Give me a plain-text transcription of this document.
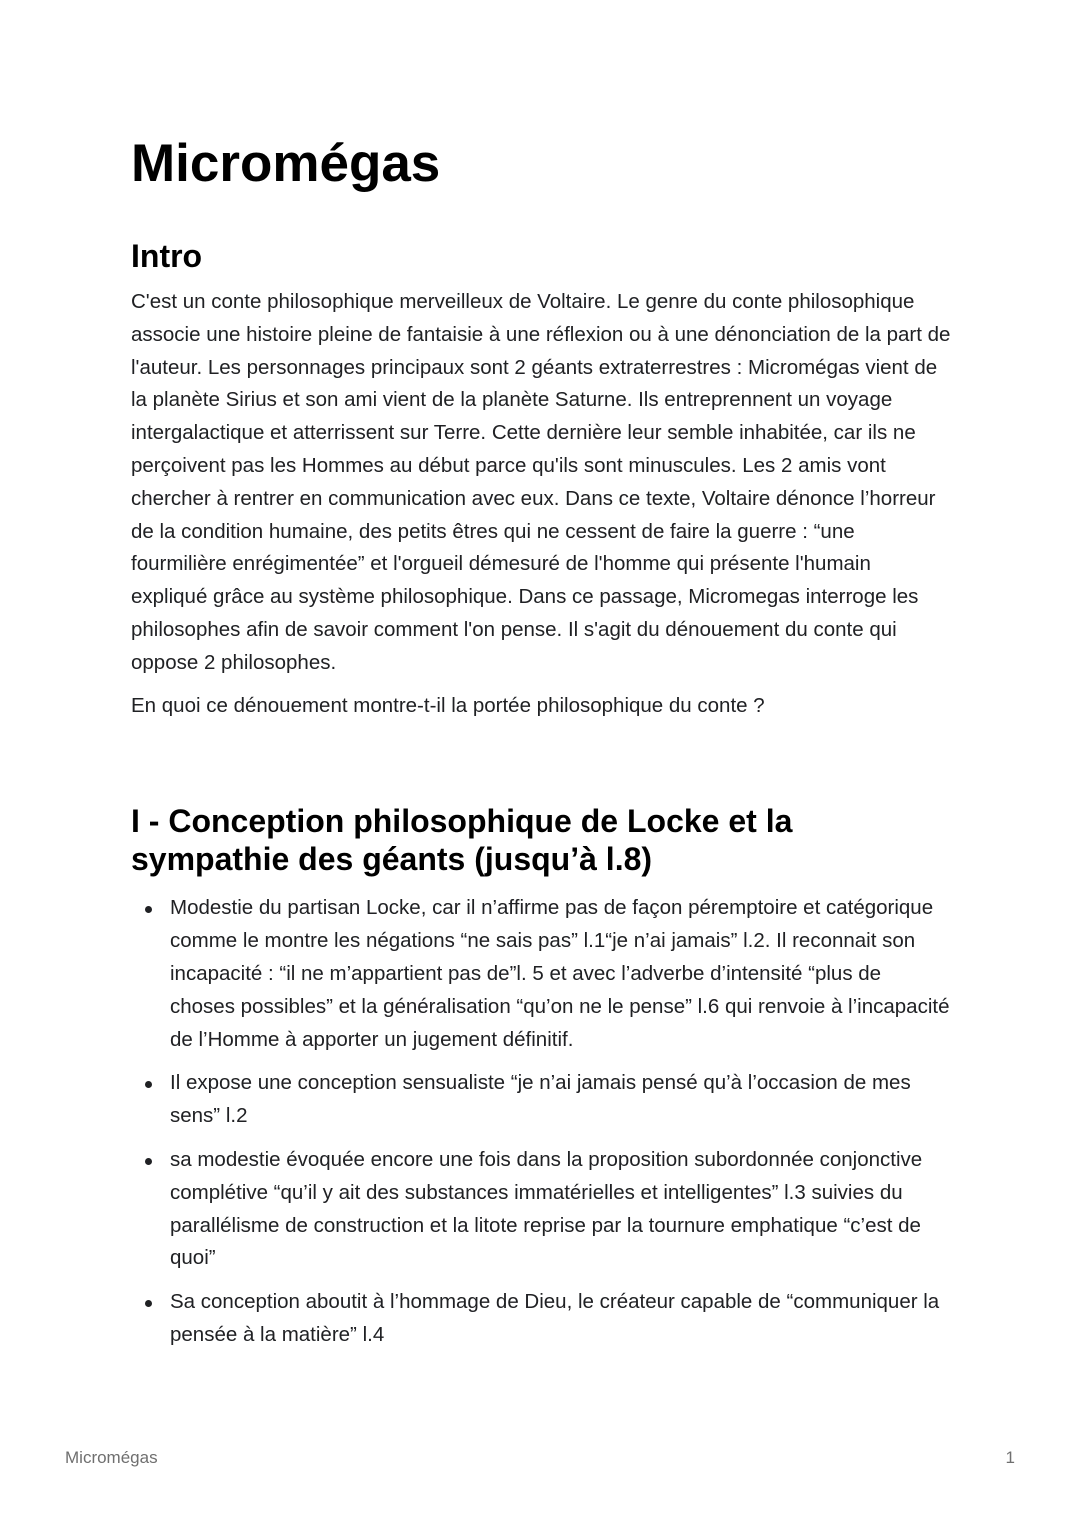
Micromégas
Intro

C'est un conte philosophique merveilleux de Voltaire. Le genre du conte philosophique associe une histoire pleine de fantaisie à une réflexion ou à une dénonciation de la part de l'auteur. Les personnages principaux sont 2 géants extraterrestres : Micromégas vient de la planète Sirius et son ami vient de la planète Saturne. Ils entreprennent un voyage intergalactique et atterrissent sur Terre. Cette dernière leur semble inhabitée, car ils ne perçoivent pas les Hommes au début parce qu'ils sont minuscules. Les 2 amis vont chercher à rentrer en communication avec eux. Dans ce texte, Voltaire dénonce l’horreur de la condition humaine, des petits êtres qui ne cessent de faire la guerre : “une fourmilière enrégimentée” et l'orgueil démesuré de l'homme qui présente l'humain expliqué grâce au système philosophique. Dans ce passage, Micromegas interroge les philosophes afin de savoir comment l'on pense. Il s'agit du dénouement du conte qui oppose 2 philosophes.

En quoi ce dénouement montre-t-il la portée philosophique du conte ?

I - Conception philosophique de Locke et la sympathie des géants (jusqu’à l.8)
Modestie du partisan Locke, car il n’affirme pas de façon péremptoire et catégorique comme le montre les négations “ne sais pas” l.1“je n’ai jamais” l.2. Il reconnait son incapacité : “il ne m’appartient pas de”l. 5 et avec l’adverbe d’intensité “plus de choses possibles” et la généralisation “qu’on ne le pense” l.6 qui renvoie à l’incapacité de l’Homme à apporter un jugement définitif.
Il expose une conception sensualiste “je n’ai jamais pensé qu’à l’occasion de mes sens” l.2
sa modestie évoquée encore une fois dans la proposition subordonnée conjonctive complétive “qu’il y ait des substances immatérielles et intelligentes” l.3 suivies du parallélisme de construction et la litote reprise par la tournure emphatique “c’est de quoi”
Sa conception aboutit à l’hommage de Dieu, le créateur capable de “communiquer la pensée à la matière” l.4
Micromégas	1
